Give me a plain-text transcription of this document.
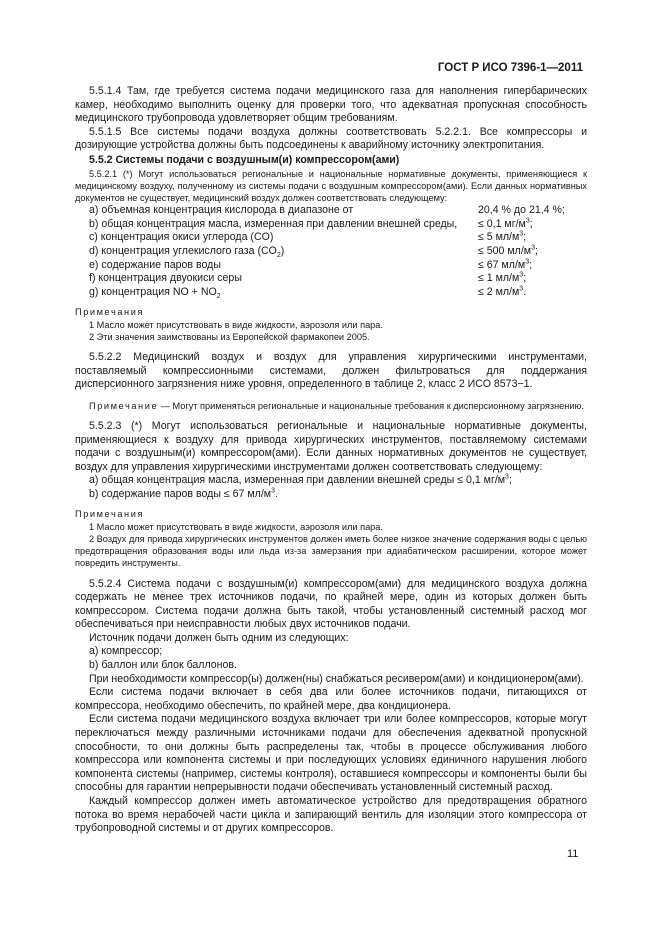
ГОСТ Р ИСО 7396-1—2011

5.5.1.4 Там, где требуется система подачи медицинского газа для наполнения гипербарических камер, необходимо выполнить оценку для проверки того, что адекватная пропускная способность медицинского трубопровода удовлетворяет общим требованиям.

5.5.1.5 Все системы подачи воздуха должны соответствовать 5.2.2.1. Все компрессоры и дозирующие устройства должны быть подсоединены к аварийному источнику электропитания.

5.5.2 Системы подачи с воздушным(и) компрессором(ами)

5.5.2.1 (*) Могут использоваться региональные и национальные нормативные документы, применяющиеся к медицинскому воздуху, полученному из системы подачи с воздушным компрессором(ами). Если данных нормативных документов не существует, медицинский воздух должен соответствовать следующему:

a) объемная концентрация кислорода в диапазоне от	20,4 % до 21,4 %;
b) общая концентрация масла, измеренная при давлении внешней среды,	≤ 0,1 $мг/м^3$;
c) концентрация окиси углерода (CO)	≤ 5 $мл/м^3$;
d) концентрация углекислого газа $(CO_2)$	≤ 500 $мл/м^3$;
e) содержание паров воды	≤ 67 $мл/м^3$;
f) концентрация двуокиси серы	≤ 1 $мл/м^3$;
g) концентрация NO + $NO_2$	≤ 2 $мл/м^3$.

Примечания

1 Масло может присутствовать в виде жидкости, аэрозоля или пара.

2 Эти значения заимствованы из Европейской фармакопеи 2005.

5.5.2.2 Медицинский воздух и воздух для управления хирургическими инструментами, поставляемый компрессионными системами, должен фильтроваться для поддержания дисперсионного загрязнения ниже уровня, определенного в таблице 2, класс 2 ИСО 8573−1.

Примечание — Могут применяться региональные и национальные требования к дисперсионному загрязнению.

5.5.2.3 (*) Могут использоваться региональные и национальные нормативные документы, применяющиеся к воздуху для привода хирургических инструментов, поставляемому системами подачи с воздушным(и) компрессором(ами). Если данных нормативных документов не существует, воздух для управления хирургическими инструментами должен соответствовать следующему:

a) общая концентрация масла, измеренная при давлении внешней среды ≤ 0,1 $мг/м^3$;

b) содержание паров воды ≤ 67 $мл/м^3$.

Примечания

1 Масло может присутствовать в виде жидкости, аэрозоля или пара.

2 Воздух для привода хирургических инструментов должен иметь более низкое значение содержания воды с целью предотвращения образования воды или льда из-за замерзания при адиабатическом расширении, которое может повредить инструменты.

5.5.2.4 Система подачи с воздушным(и) компрессором(ами) для медицинского воздуха должна содержать не менее трех источников подачи, по крайней мере, один из которых должен быть компрессором. Система подачи должна быть такой, чтобы установленный системный расход мог обеспечиваться при неисправности любых двух источников подачи.

Источник подачи должен быть одним из следующих:

a) компрессор;

b) баллон или блок баллонов.

При необходимости компрессор(ы) должен(ны) снабжаться ресивером(ами) и кондиционером(ами).

Если система подачи включает в себя два или более источников подачи, питающихся от компрессора, необходимо обеспечить, по крайней мере, два кондиционера.

Если система подачи медицинского воздуха включает три или более компрессоров, которые могут переключаться между различными источниками подачи для обеспечения адекватной пропускной способности, то они должны быть распределены так, чтобы в процессе обслуживания любого компрессора или компонента системы и при последующих условиях единичного нарушения любого компонента системы (например, системы контроля), оставшиеся компрессоры и компоненты были бы способны для гарантии непрерывности подачи обеспечивать установленный системный расход.

Каждый компрессор должен иметь автоматическое устройство для предотвращения обратного потока во время нерабочей части цикла и запирающий вентиль для изоляции этого компрессора от трубопроводной системы и от других компрессоров.

11
